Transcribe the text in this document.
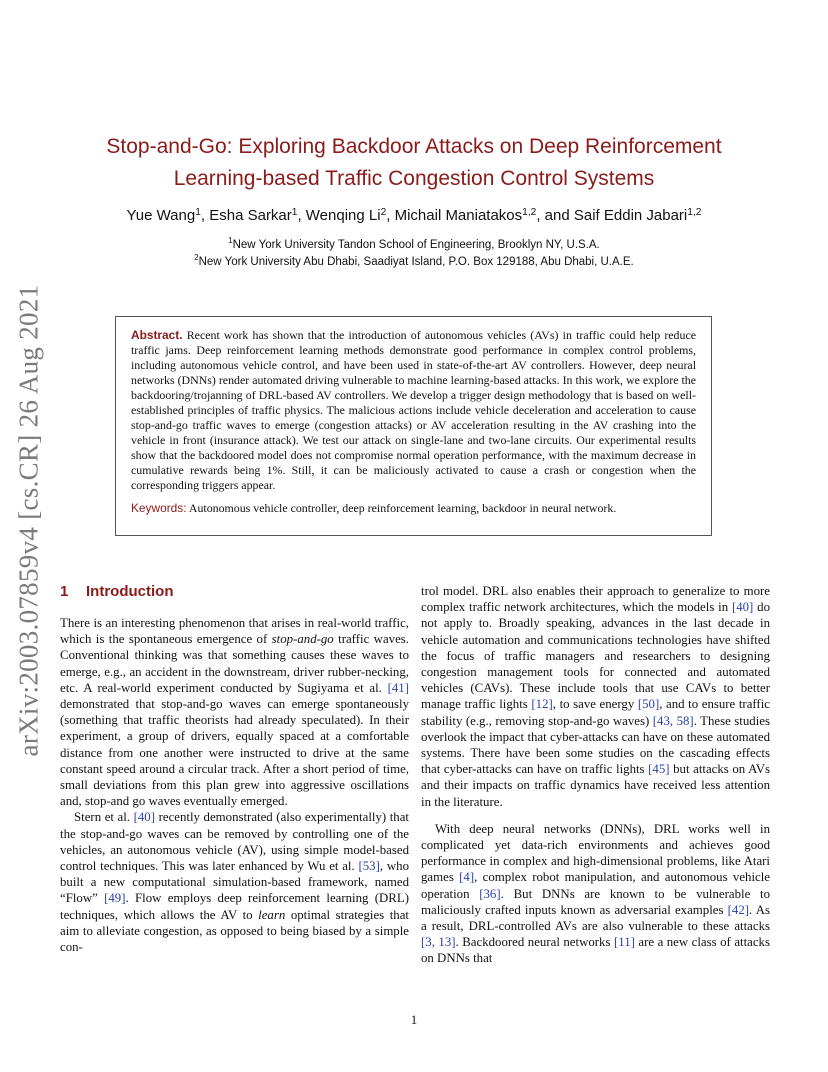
arXiv:2003.07859v4 [cs.CR] 26 Aug 2021
Stop-and-Go: Exploring Backdoor Attacks on Deep Reinforcement
Learning-based Traffic Congestion Control Systems
Yue Wang$^1$, Esha Sarkar$^1$, Wenqing Li$^2$, Michail Maniatakos$^{1,2}$, and Saif Eddin Jabari$^{1,2}$
$^1$New York University Tandon School of Engineering, Brooklyn NY, U.S.A.
$^2$New York University Abu Dhabi, Saadiyat Island, P.O. Box 129188, Abu Dhabi, U.A.E.
Abstract. Recent work has shown that the introduction of autonomous vehicles (AVs) in traffic could help reduce traffic jams. Deep reinforcement learning methods demonstrate good performance in complex control problems, including autonomous vehicle control, and have been used in state-of-the-art AV controllers. However, deep neural networks (DNNs) render automated driving vulnerable to machine learning-based attacks. In this work, we explore the backdooring/trojanning of DRL-based AV controllers. We develop a trigger design methodology that is based on well-established principles of traffic physics. The malicious actions include vehicle deceleration and acceleration to cause stop-and-go traffic waves to emerge (congestion attacks) or AV acceleration resulting in the AV crashing into the vehicle in front (insurance attack). We test our attack on single-lane and two-lane circuits. Our experimental results show that the backdoored model does not compromise normal operation performance, with the maximum decrease in cumulative rewards being 1%. Still, it can be maliciously activated to cause a crash or congestion when the corresponding triggers appear.
Keywords: Autonomous vehicle controller, deep reinforcement learning, backdoor in neural network.
1 Introduction

There is an interesting phenomenon that arises in real-world traffic, which is the spontaneous emergence of stop-and-go traffic waves. Conventional thinking was that something causes these waves to emerge, e.g., an accident in the downstream, driver rubber-necking, etc. A real-world experiment conducted by Sugiyama et al. [41] demonstrated that stop-and-go waves can emerge spontaneously (something that traffic theorists had already speculated). In their experiment, a group of drivers, equally spaced at a comfortable distance from one another were instructed to drive at the same constant speed around a circular track. After a short period of time, small deviations from this plan grew into aggressive oscillations and, stop-and go waves eventually emerged.

Stern et al. [40] recently demonstrated (also experimentally) that the stop-and-go waves can be removed by controlling one of the vehicles, an autonomous vehicle (AV), using simple model-based control techniques. This was later enhanced by Wu et al. [53], who built a new computational simulation-based framework, named “Flow” [49]. Flow employs deep reinforcement learning (DRL) techniques, which allows the AV to learn optimal strategies that aim to alleviate congestion, as opposed to being biased by a simple con-

trol model. DRL also enables their approach to generalize to more complex traffic network architectures, which the models in [40] do not apply to. Broadly speaking, advances in the last decade in vehicle automation and communications technologies have shifted the focus of traffic managers and researchers to designing congestion management tools for connected and automated vehicles (CAVs). These include tools that use CAVs to better manage traffic lights [12], to save energy [50], and to ensure traffic stability (e.g., removing stop-and-go waves) [43, 58]. These studies overlook the impact that cyber-attacks can have on these automated systems. There have been some studies on the cascading effects that cyber-attacks can have on traffic lights [45] but attacks on AVs and their impacts on traffic dynamics have received less attention in the literature.

With deep neural networks (DNNs), DRL works well in complicated yet data-rich environments and achieves good performance in complex and high-dimensional problems, like Atari games [4], complex robot manipulation, and autonomous vehicle operation [36]. But DNNs are known to be vulnerable to maliciously crafted inputs known as adversarial examples [42]. As a result, DRL-controlled AVs are also vulnerable to these attacks [3, 13]. Backdoored neural networks [11] are a new class of attacks on DNNs that

1
